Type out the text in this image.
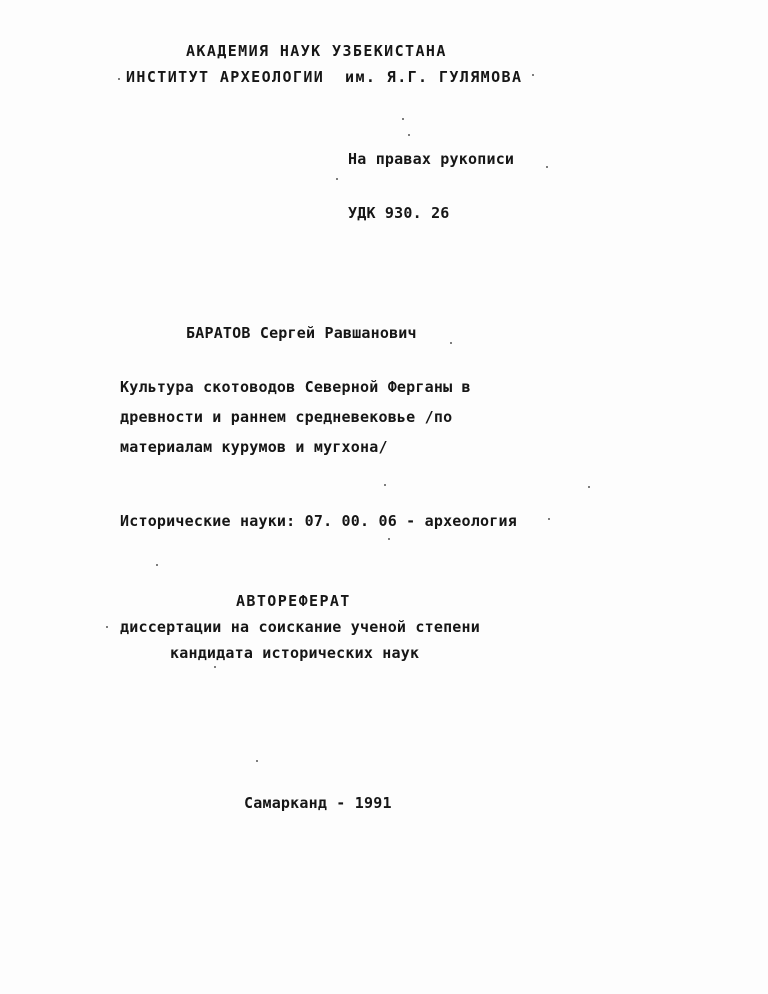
АКАДЕМИЯ НАУК УЗБЕКИСТАНА
ИНСТИТУТ АРХЕОЛОГИИ  им. Я.Г. ГУЛЯМОВА
На правах рукописи
УДК 930. 26
БАРАТОВ Сергей Равшанович
Культура скотоводов Северной Ферганы в
древности и раннем средневековье /по
материалам курумов и мугхона/
Исторические науки: 07. 00. 06 - археология
АВТОРЕФЕРАТ
диссертации на соискание ученой степени
кандидата исторических наук
Самарканд - 1991
